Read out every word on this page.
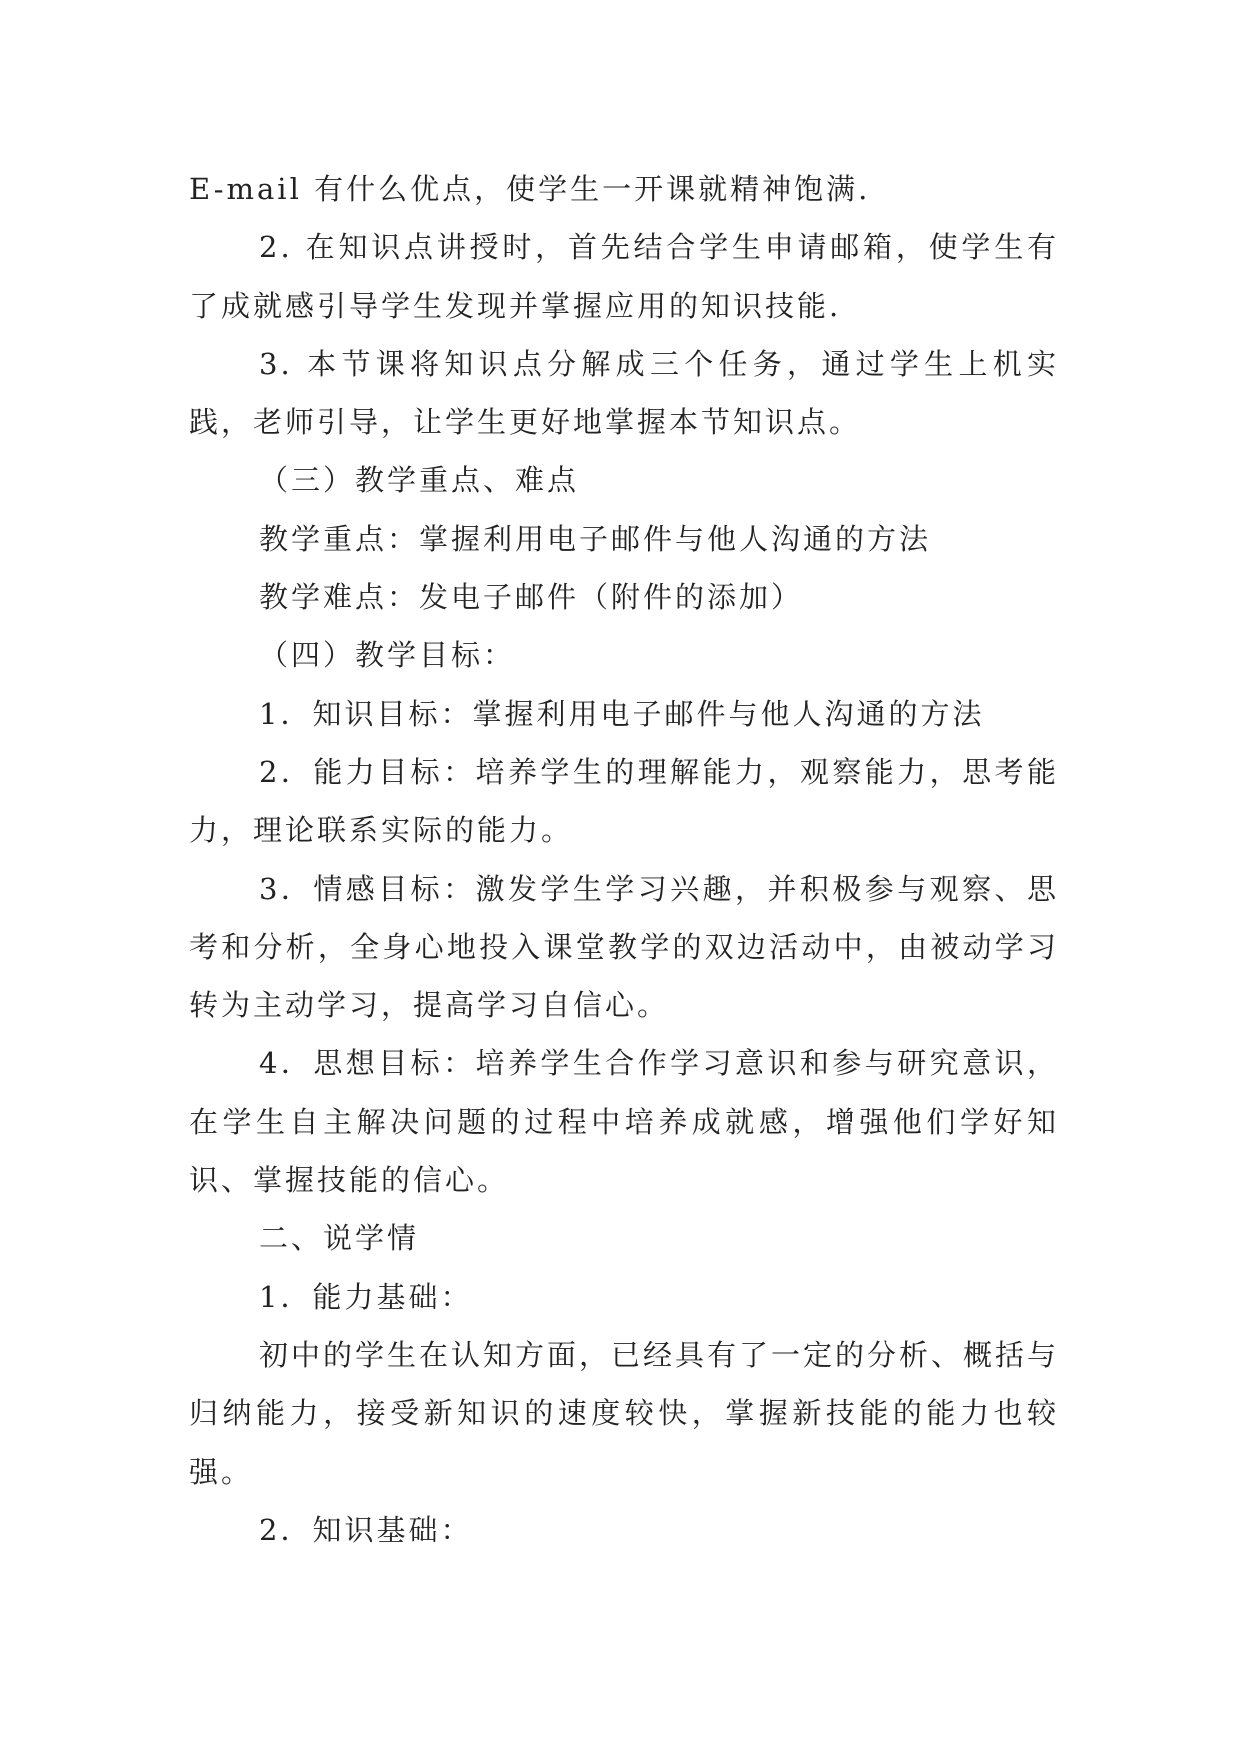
E-mail 有什么优点，使学生一开课就精神饱满.

2. 在知识点讲授时，首先结合学生申请邮箱，使学生有了成就感引导学生发现并掌握应用的知识技能.

3. 本节课将知识点分解成三个任务，通过学生上机实践，老师引导，让学生更好地掌握本节知识点。

（三）教学重点、难点

教学重点：掌握利用电子邮件与他人沟通的方法

教学难点：发电子邮件（附件的添加）

（四）教学目标：

1．知识目标：掌握利用电子邮件与他人沟通的方法

2．能力目标：培养学生的理解能力，观察能力，思考能力，理论联系实际的能力。

3．情感目标：激发学生学习兴趣，并积极参与观察、思考和分析，全身心地投入课堂教学的双边活动中，由被动学习转为主动学习，提高学习自信心。

4．思想目标：培养学生合作学习意识和参与研究意识，在学生自主解决问题的过程中培养成就感，增强他们学好知识、掌握技能的信心。

二、说学情

1．能力基础：

初中的学生在认知方面，已经具有了一定的分析、概括与归纳能力，接受新知识的速度较快，掌握新技能的能力也较强。

2．知识基础：
